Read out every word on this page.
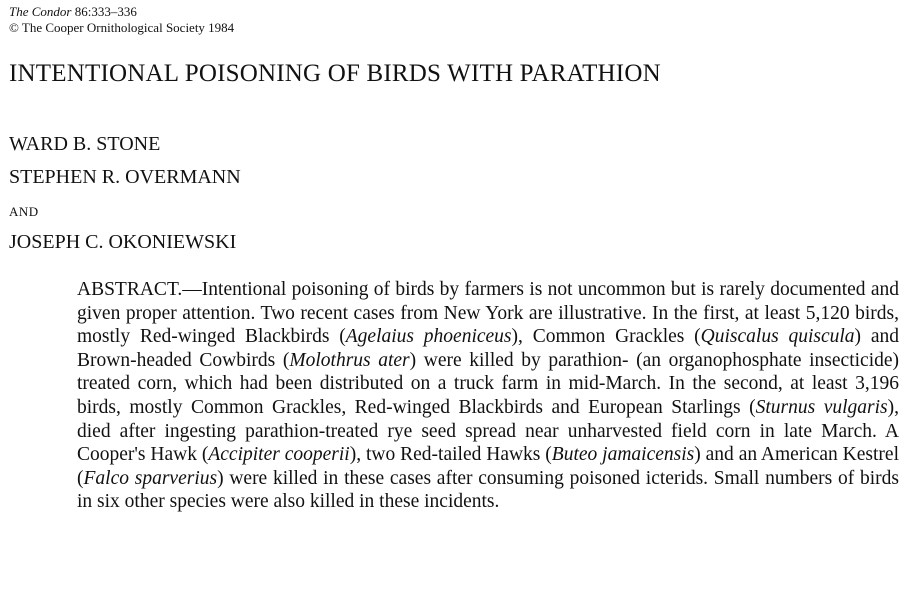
The Condor 86:333–336
© The Cooper Ornithological Society 1984
INTENTIONAL POISONING OF BIRDS WITH PARATHION
WARD B. STONE
STEPHEN R. OVERMANN
AND
JOSEPH C. OKONIEWSKI
ABSTRACT.—Intentional poisoning of birds by farmers is not uncommon but is rarely documented and given proper attention. Two recent cases from New York are illustrative. In the first, at least 5,120 birds, mostly Red-winged Blackbirds (Agelaius phoeniceus), Common Grackles (Quiscalus quiscula) and Brown-headed Cowbirds (Molothrus ater) were killed by parathion- (an organophosphate insecticide) treated corn, which had been distributed on a truck farm in mid-March. In the second, at least 3,196 birds, mostly Common Grackles, Red-winged Blackbirds and European Starlings (Sturnus vulgaris), died after ingesting parathion-treated rye seed spread near unharvested field corn in late March. A Cooper's Hawk (Accipiter cooperii), two Red-tailed Hawks (Buteo jamaicensis) and an American Kestrel (Falco sparverius) were killed in these cases after consuming poisoned icterids. Small numbers of birds in six other species were also killed in these incidents.
